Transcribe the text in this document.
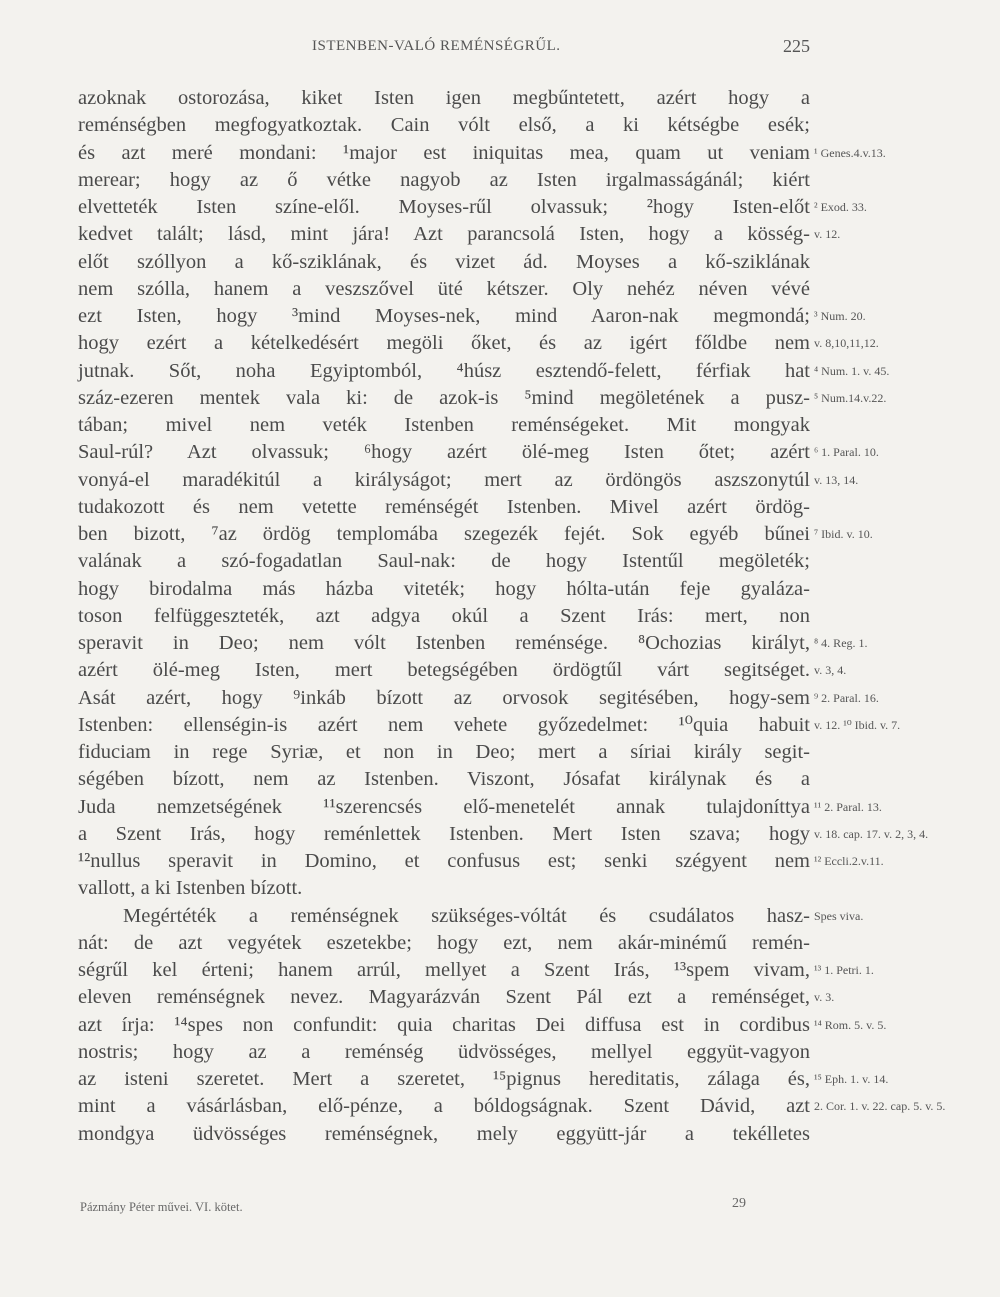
ISTENBEN-VALÓ REMÉNSÉGRŰL.	225
azoknak ostorozása, kiket Isten igen megbűntetett, azért hogy a
reménségben megfogyatkoztak. Cain vólt első, a ki kétségbe esék;
és azt meré mondani: ¹major est iniquitas mea, quam ut veniam
merear; hogy az ő vétke nagyob az Isten irgalmasságánál; kiért
elvetteték Isten színe-elől. Moyses-rűl olvassuk; ²hogy Isten-előt
kedvet talált; lásd, mint jára! Azt parancsolá Isten, hogy a kösség-
előt szóllyon a kő-sziklának, és vizet ád. Moyses a kő-sziklának
nem szólla, hanem a veszszővel üté kétszer. Oly nehéz néven vévé
ezt Isten, hogy ³mind Moyses-nek, mind Aaron-nak megmondá;
hogy ezért a kételkedésért megöli őket, és az igért főldbe nem
jutnak. Sőt, noha Egyiptomból, ⁴húsz esztendő-felett, férfiak hat
száz-ezeren mentek vala ki: de azok-is ⁵mind megöletének a pusz-
tában; mivel nem veték Istenben reménségeket. Mit mongyak
Saul-rúl? Azt olvassuk; ⁶hogy azért ölé-meg Isten őtet; azért
vonyá-el maradékitúl a királyságot; mert az ördöngös aszszonytúl
tudakozott és nem vetette reménségét Istenben. Mivel azért ördög-
ben bizott, ⁷az ördög templomába szegezék fejét. Sok egyéb bűnei
valának a szó-fogadatlan Saul-nak: de hogy Istentűl megöleték;
hogy birodalma más házba viteték; hogy hólta-után feje gyaláza-
toson felfüggeszteték, azt adgya okúl a Szent Irás: mert, non
speravit in Deo; nem vólt Istenben reménsége. ⁸Ochozias királyt,
azért ölé-meg Isten, mert betegségében ördögtűl várt segitséget.
Asát azért, hogy ⁹inkáb bízott az orvosok segitésében, hogy-sem
Istenben: ellenségin-is azért nem vehete győzedelmet: ¹⁰quia habuit
fiduciam in rege Syriæ, et non in Deo; mert a síriai király segit-
ségében bízott, nem az Istenben. Viszont, Jósafat királynak és a
Juda nemzetségének ¹¹szerencsés elő-menetelét annak tulajdoníttya
a Szent Irás, hogy reménlettek Istenben. Mert Isten szava; hogy
¹²nullus speravit in Domino, et confusus est; senki szégyent nem
vallott, a ki Istenben bízott.
Megértéték a reménségnek szükséges-vóltát és csudálatos hasz-
nát: de azt vegyétek eszetekbe; hogy ezt, nem akár-minémű remén-
ségrűl kel érteni; hanem arrúl, mellyet a Szent Irás, ¹³spem vivam,
eleven reménségnek nevez. Magyarázván Szent Pál ezt a reménséget,
azt írja: ¹⁴spes non confundit: quia charitas Dei diffusa est in cordibus
nostris; hogy az a reménség üdvösséges, mellyel eggyüt-vagyon
az isteni szeretet. Mert a szeretet, ¹⁵pignus hereditatis, zálaga és,
mint a vásárlásban, elő-pénze, a bóldogságnak. Szent Dávid, azt
mondgya üdvösséges reménségnek, mely eggyütt-jár a tekélletes
¹ Genes.4.v.13.
² Exod. 33.
v. 12.
³ Num. 20.
v. 8,10,11,12.
⁴ Num. 1. v. 45.
⁵ Num.14.v.22.
⁶ 1. Paral. 10.
v. 13, 14.
⁷ Ibid. v. 10.
⁸ 4. Reg. 1.
v. 3, 4.
⁹ 2. Paral. 16.
v. 12. ¹⁰ Ibid. v. 7.
¹¹ 2. Paral. 13.
v. 18. cap. 17. v. 2, 3, 4.
¹² Eccli.2.v.11.
Spes viva.
¹³ 1. Petri. 1.
v. 3.
¹⁴ Rom. 5. v. 5.
¹⁵ Eph. 1. v. 14.
2. Cor. 1. v. 22. cap. 5. v. 5.
Pázmány Péter művei. VI. kötet.	29
